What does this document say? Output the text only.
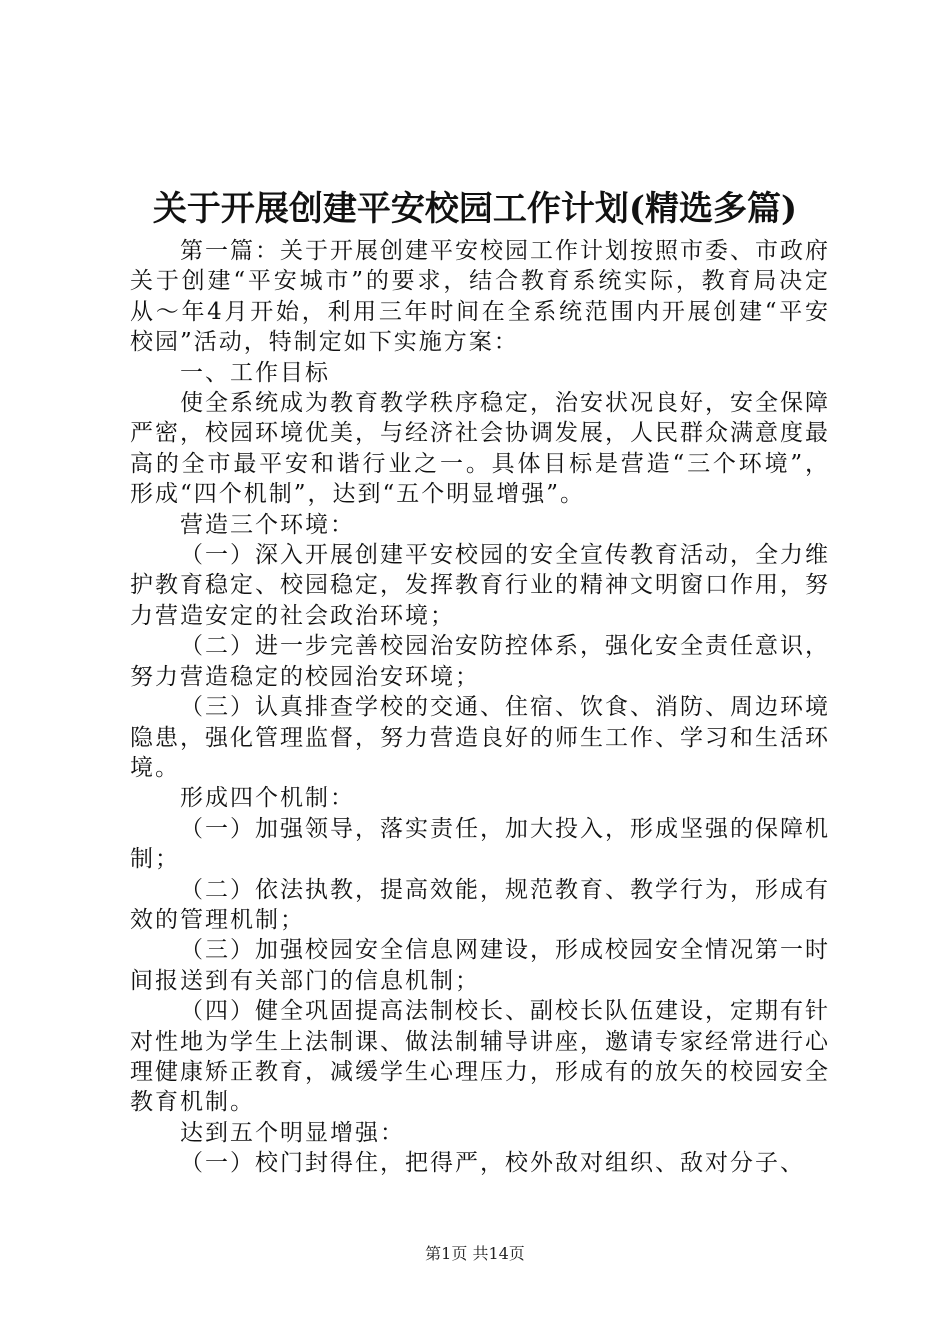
关于开展创建平安校园工作计划(精选多篇)

第一篇：关于开展创建平安校园工作计划按照市委、市政府关于创建“平安城市”的要求，结合教育系统实际，教育局决定从～年4月开始，利用三年时间在全系统范围内开展创建“平安校园”活动，特制定如下实施方案：

一、工作目标

使全系统成为教育教学秩序稳定，治安状况良好，安全保障严密，校园环境优美，与经济社会协调发展，人民群众满意度最高的全市最平安和谐行业之一。具体目标是营造“三个环境”，形成“四个机制”，达到“五个明显增强”。

营造三个环境：

（一）深入开展创建平安校园的安全宣传教育活动，全力维护教育稳定、校园稳定，发挥教育行业的精神文明窗口作用，努力营造安定的社会政治环境；

（二）进一步完善校园治安防控体系，强化安全责任意识，努力营造稳定的校园治安环境；

（三）认真排查学校的交通、住宿、饮食、消防、周边环境隐患，强化管理监督，努力营造良好的师生工作、学习和生活环境。

形成四个机制：

（一）加强领导，落实责任，加大投入，形成坚强的保障机制；

（二）依法执教，提高效能，规范教育、教学行为，形成有效的管理机制；

（三）加强校园安全信息网建设，形成校园安全情况第一时间报送到有关部门的信息机制；

（四）健全巩固提高法制校长、副校长队伍建设，定期有针对性地为学生上法制课、做法制辅导讲座，邀请专家经常进行心理健康矫正教育，减缓学生心理压力，形成有的放矢的校园安全教育机制。

达到五个明显增强：

（一）校门封得住，把得严，校外敌对组织、敌对分子、

第1页 共14页
